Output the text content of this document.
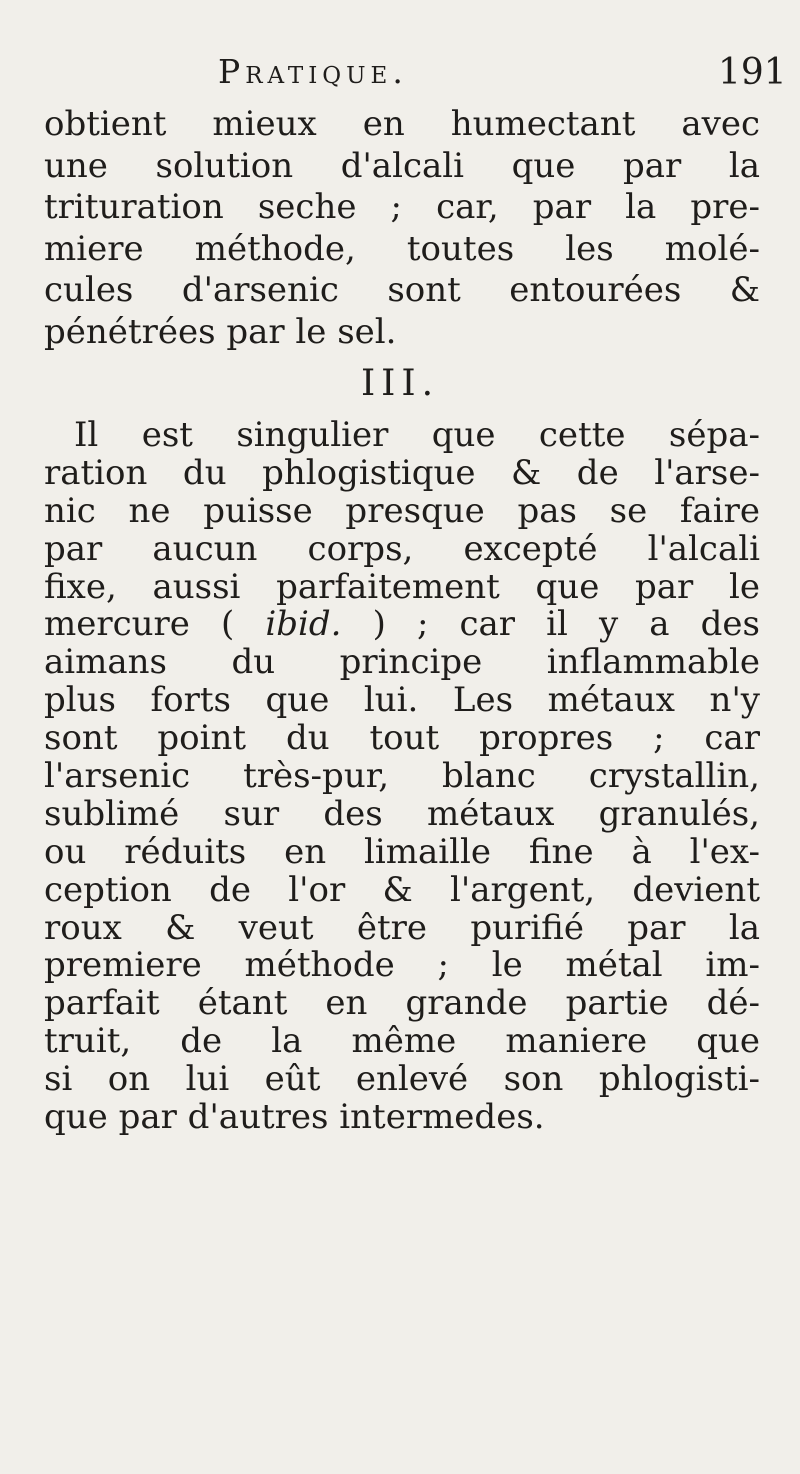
Pratique.	191
obtient mieux en humectant avec
une solution d'alcali que par la
trituration seche ; car, par la pre-
miere méthode, toutes les molé-
cules d'arsenic sont entourées &
pénétrées par le sel.
III.
Il est singulier que cette sépa-
ration du phlogistique & de l'arse-
nic ne puisse presque pas se faire
par aucun corps, excepté l'alcali
fixe, aussi parfaitement que par le
mercure ( ibid. ) ; car il y a des
aimans du principe inflammable
plus forts que lui. Les métaux n'y
sont point du tout propres ; car
l'arsenic très-pur, blanc crystallin,
sublimé sur des métaux granulés,
ou réduits en limaille fine à l'ex-
ception de l'or & l'argent, devient
roux & veut être purifié par la
premiere méthode ; le métal im-
parfait étant en grande partie dé-
truit, de la même maniere que
si on lui eût enlevé son phlogisti-
que par d'autres intermedes.
